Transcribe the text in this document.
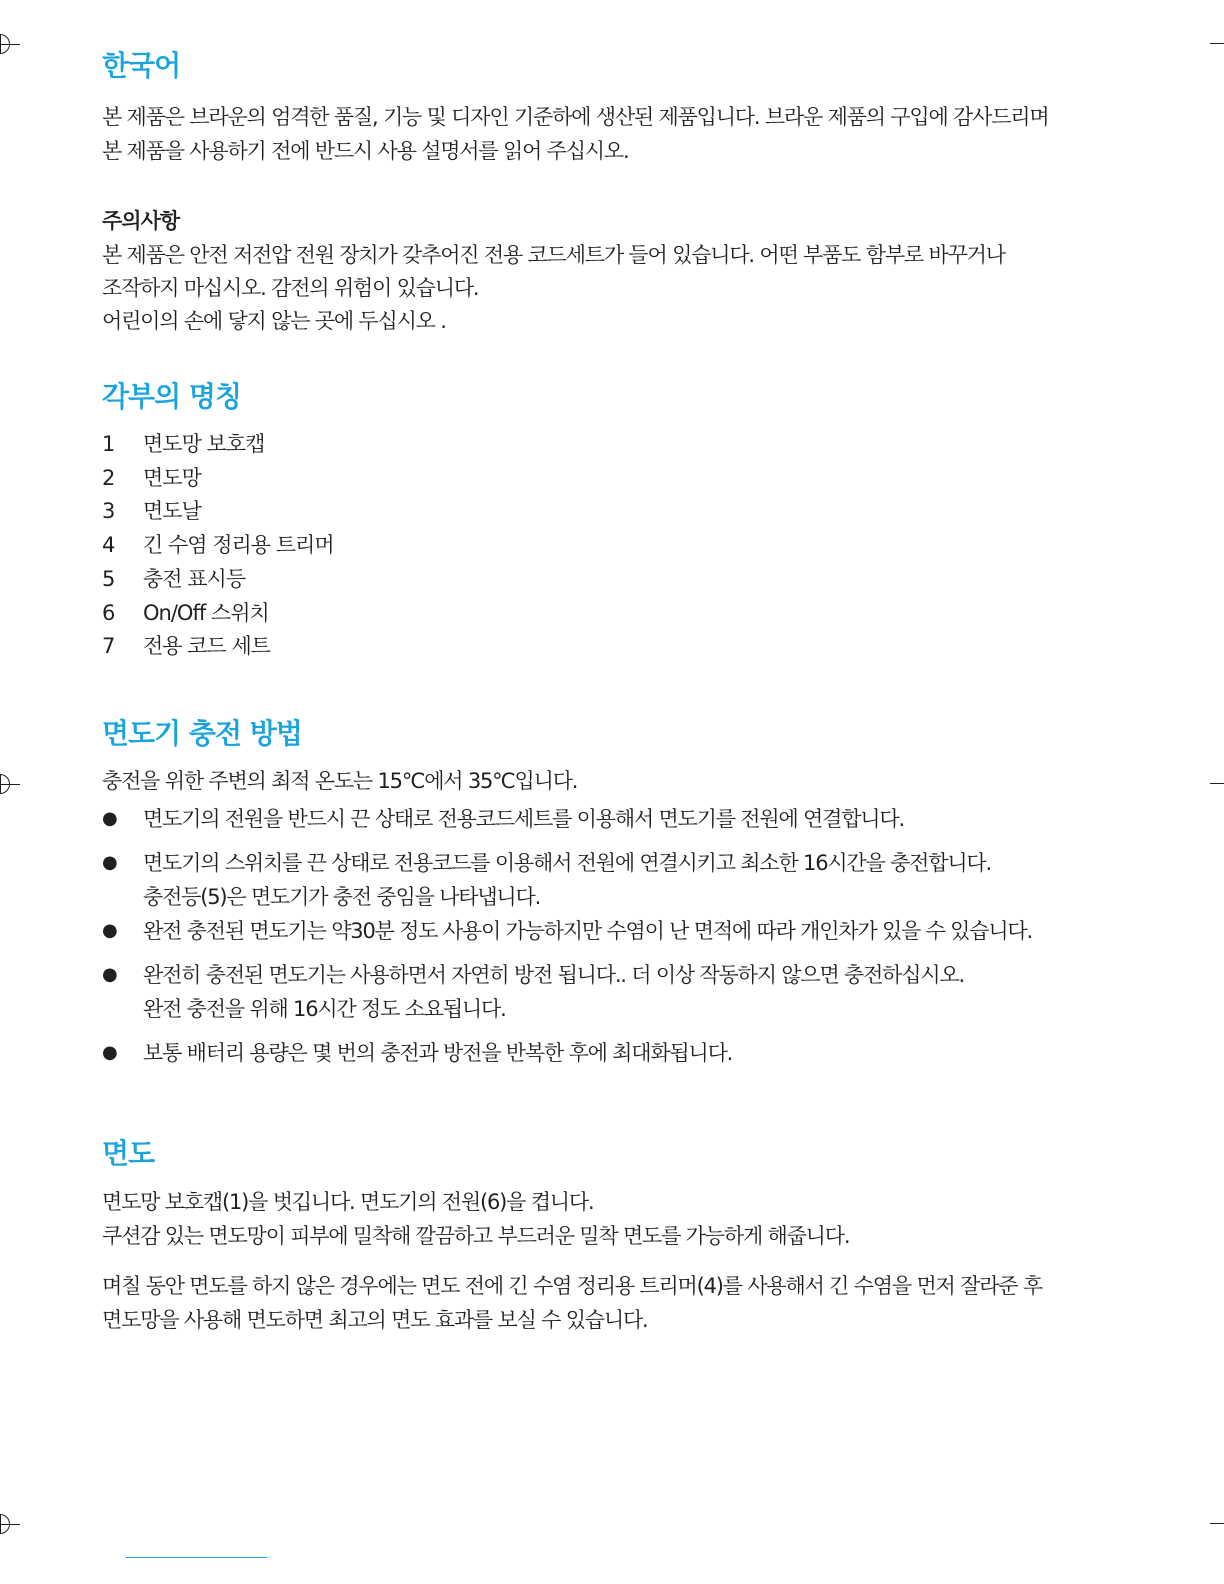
한국어

본 제품은 브라운의 엄격한 품질, 기능 및 디자인 기준하에 생산된 제품입니다. 브라운 제품의 구입에 감사드리며

본 제품을 사용하기 전에 반드시 사용 설명서를 읽어 주십시오.

주의사항

본 제품은 안전 저전압 전원 장치가 갖추어진 전용 코드세트가 들어 있습니다. 어떤 부품도 함부로 바꾸거나

조작하지 마십시오. 감전의 위험이 있습니다.

어린이의 손에 닿지 않는 곳에 두십시오 .

각부의 명칭
1	면도망 보호캡
2	면도망
3	면도날
4	긴 수염 정리용 트리머
5	충전 표시등
6	On/Off 스위치
7	전용 코드 세트
면도기 충전 방법

충전을 위한 주변의 최적 온도는 15℃에서 35℃입니다.

●	면도기의 전원을 반드시 끈 상태로 전용코드세트를 이용해서 면도기를 전원에 연결합니다.
●	면도기의 스위치를 끈 상태로 전용코드를 이용해서 전원에 연결시키고 최소한 16시간을 충전합니다.
충전등(5)은 면도기가 충전 중임을 나타냅니다.
●	완전 충전된 면도기는 약30분 정도 사용이 가능하지만 수염이 난 면적에 따라 개인차가 있을 수 있습니다.
●	완전히 충전된 면도기는 사용하면서 자연히 방전 됩니다.. 더 이상 작동하지 않으면 충전하십시오.
완전 충전을 위해 16시간 정도 소요됩니다.
●	보통 배터리 용량은 몇 번의 충전과 방전을 반복한 후에 최대화됩니다.
면도

면도망 보호캡(1)을 벗깁니다. 면도기의 전원(6)을 켭니다.

쿠션감 있는 면도망이 피부에 밀착해 깔끔하고 부드러운 밀착 면도를 가능하게 해줍니다.

며칠 동안 면도를 하지 않은 경우에는 면도 전에 긴 수염 정리용 트리머(4)를 사용해서 긴 수염을 먼저 잘라준 후

면도망을 사용해 면도하면 최고의 면도 효과를 보실 수 있습니다.
